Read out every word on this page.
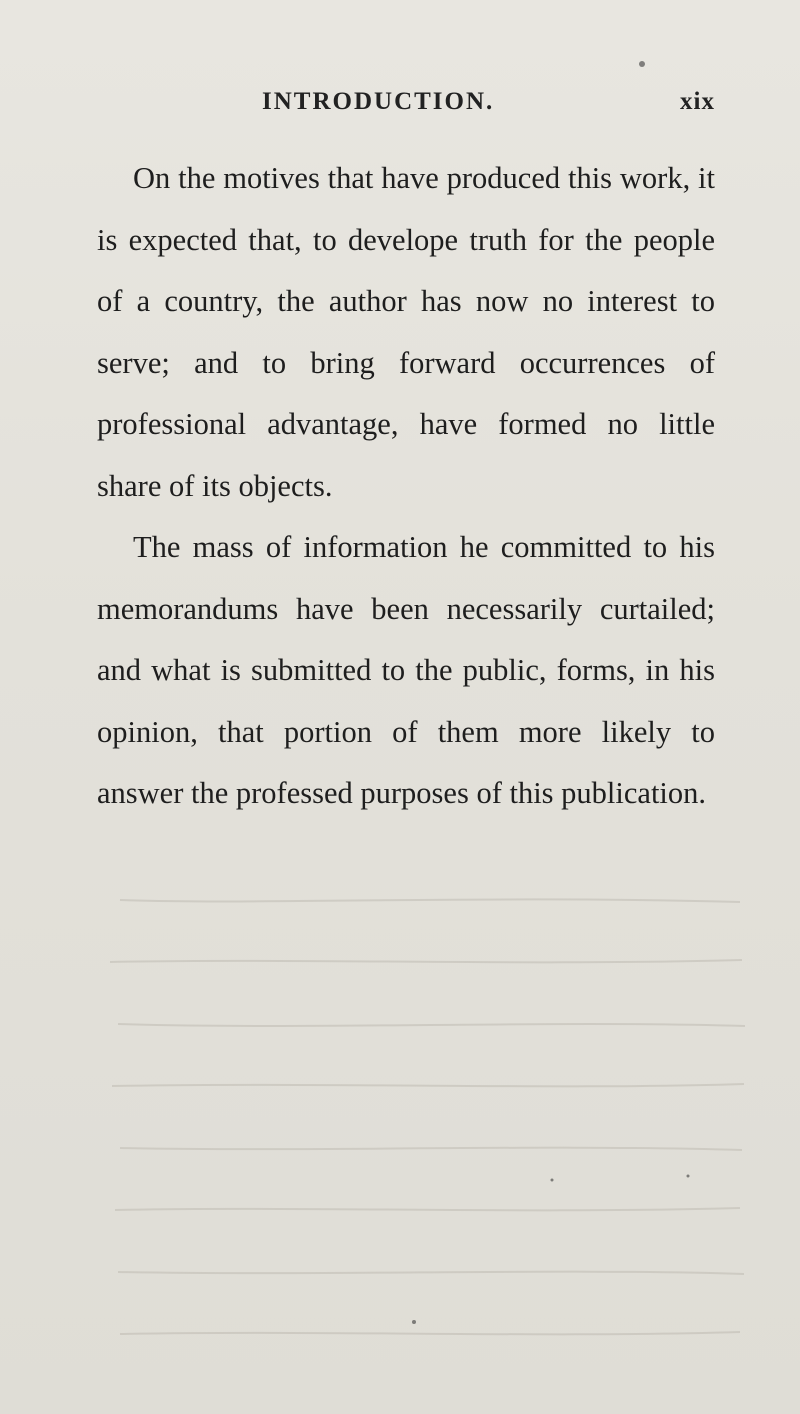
INTRODUCTION.	xix

On the motives that have produced this work, it is expected that, to develope truth for the people of a country, the author has now no interest to serve; and to bring forward occurrences of professional advantage, have formed no little share of its objects.

The mass of information he committed to his memorandums have been necessarily curtailed; and what is submitted to the public, forms, in his opinion, that portion of them more likely to answer the professed purposes of this publication.
